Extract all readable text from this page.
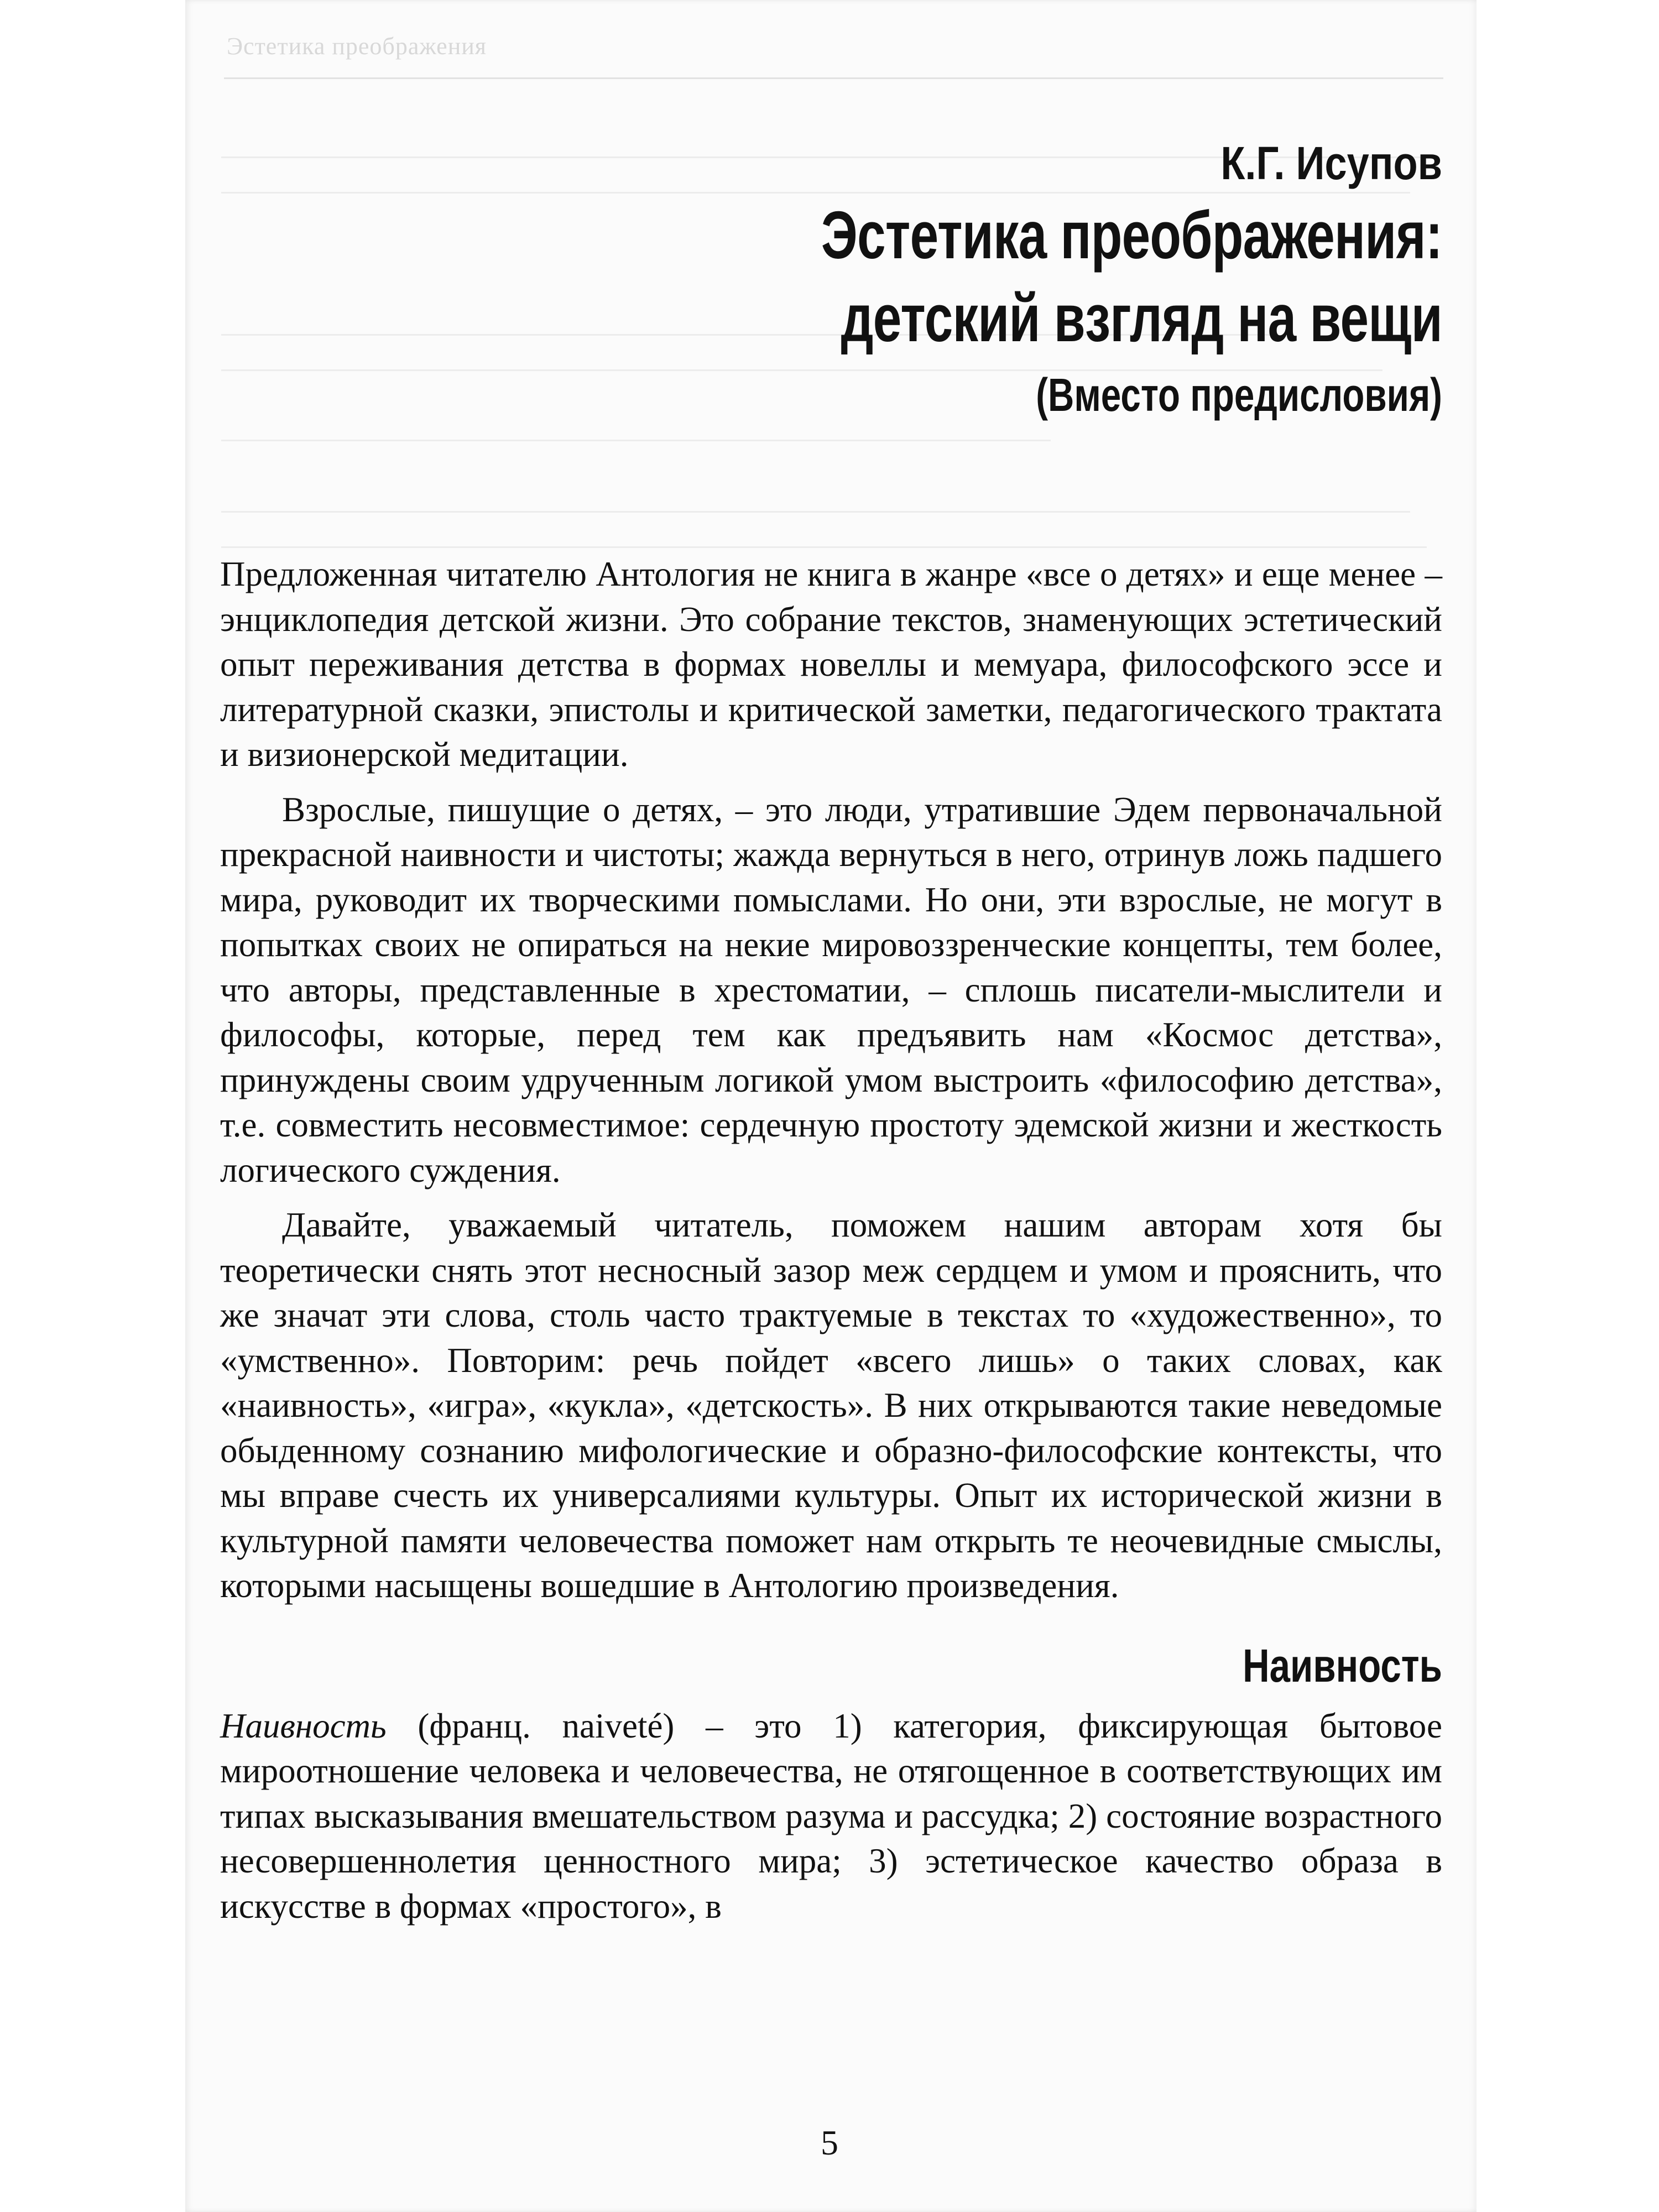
Эстетика преображения
К.Г. Исупов
Эстетика преображения:
детский взгляд на вещи
(Вместо предисловия)

Предложенная читателю Антология не книга в жанре «все о детях» и еще менее – энциклопедия детской жизни. Это собрание текстов, знаменующих эстетический опыт переживания детства в формах новеллы и мемуара, философского эссе и литературной сказки, эпистолы и критической заметки, педагогического трактата и визионерской медитации.

Взрослые, пишущие о детях, – это люди, утратившие Эдем первоначальной прекрасной наивности и чистоты; жажда вернуться в него, отринув ложь падшего мира, руководит их творческими помыслами. Но они, эти взрослые, не могут в попытках своих не опираться на некие мировоззренческие концепты, тем более, что авторы, представленные в хрестоматии, – сплошь писатели-мыслители и философы, которые, перед тем как предъявить нам «Космос детства», принуждены своим удрученным логикой умом выстроить «философию детства», т.е. совместить несовместимое: сердечную простоту эдемской жизни и жесткость логического суждения.

Давайте, уважаемый читатель, поможем нашим авторам хотя бы теоретически снять этот несносный зазор меж сердцем и умом и прояснить, что же значат эти слова, столь часто трактуемые в текстах то «художественно», то «умственно». Повторим: речь пойдет «всего лишь» о таких словах, как «наивность», «игра», «кукла», «детскость». В них открываются такие неведомые обыденному сознанию мифологические и образно-философские контексты, что мы вправе счесть их универсалиями культуры. Опыт их исторической жизни в культурной памяти человечества поможет нам открыть те неочевидные смыслы, которыми насыщены вошедшие в Антологию произведения.

Наивность

Наивность (франц. naiveté) – это 1) категория, фиксирующая бытовое мироотношение человека и человечества, не отягощенное в соответствующих им типах высказывания вмешательством разума и рассудка; 2) состояние возрастного несовершеннолетия ценностного мира; 3) эстетическое качество образа в искусстве в формах «простого», в

5
